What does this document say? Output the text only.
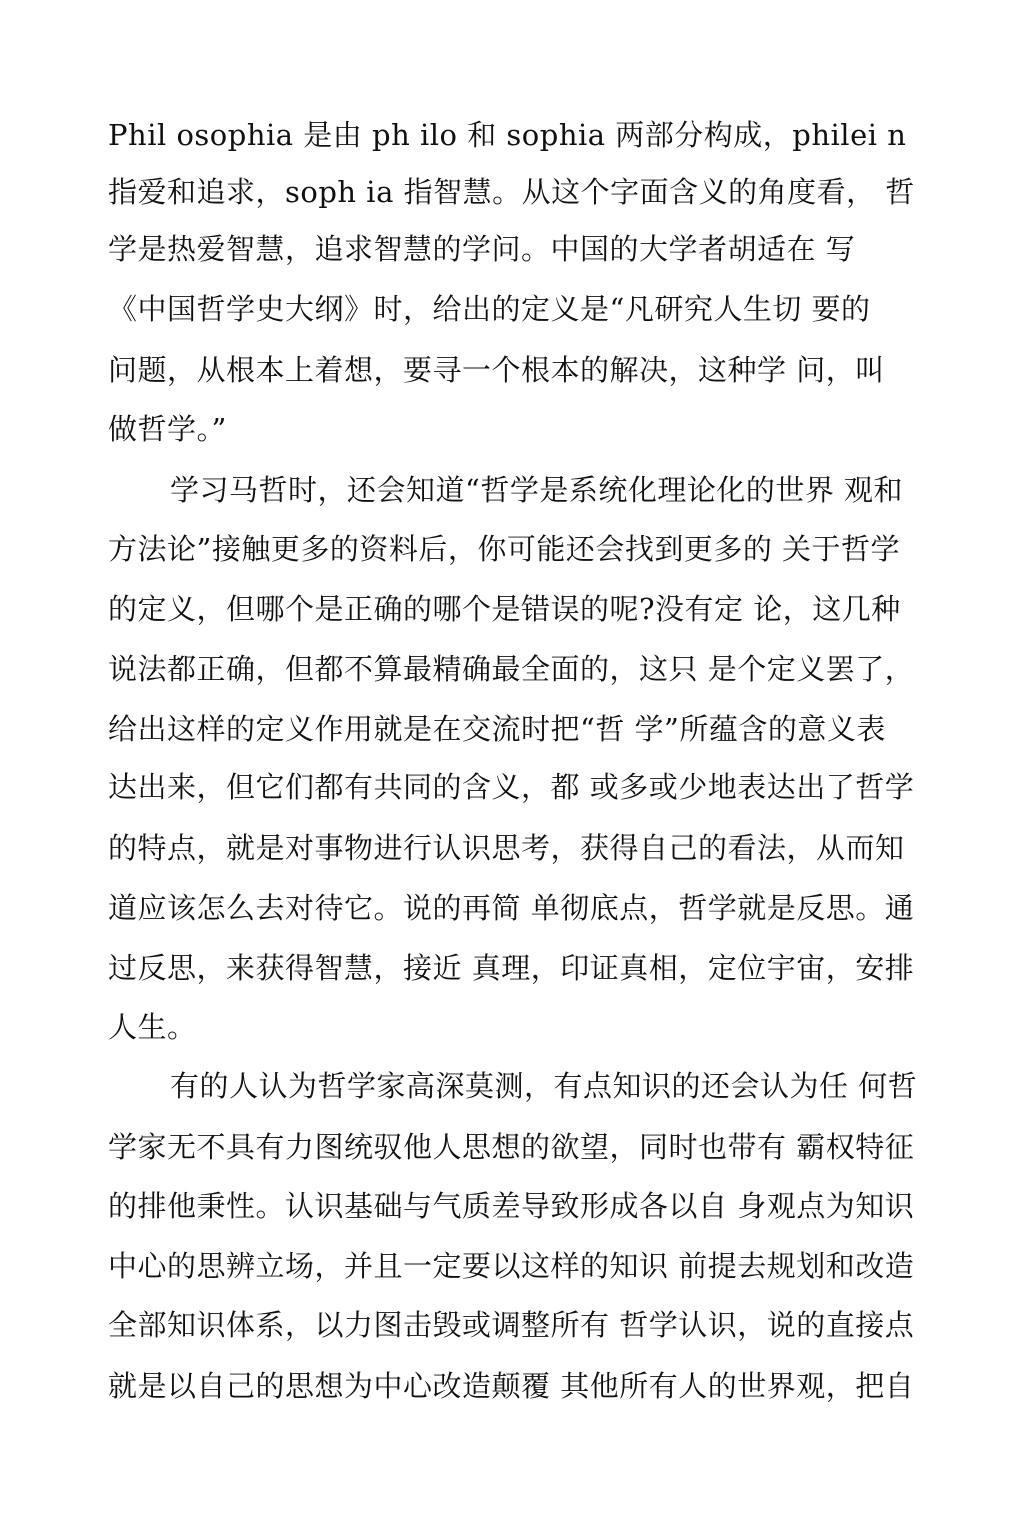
Phil osophia 是由 ph ilo 和 sophia 两部分构成，philei n
指爱和追求，soph ia 指智慧。从这个字面含义的角度看， 哲
学是热爱智慧，追求智慧的学问。中国的大学者胡适在 写
《中国哲学史大纲》时，给出的定义是“凡研究人生切 要的
问题，从根本上着想，要寻一个根本的解决，这种学 问，叫
做哲学。”
学习马哲时，还会知道“哲学是系统化理论化的世界 观和
方法论”接触更多的资料后，你可能还会找到更多的 关于哲学
的定义，但哪个是正确的哪个是错误的呢?没有定 论，这几种
说法都正确，但都不算最精确最全面的，这只 是个定义罢了，
给出这样的定义作用就是在交流时把“哲 学”所蕴含的意义表
达出来，但它们都有共同的含义，都 或多或少地表达出了哲学
的特点，就是对事物进行认识思考，获得自己的看法，从而知
道应该怎么去对待它。说的再简 单彻底点，哲学就是反思。通
过反思，来获得智慧，接近 真理，印证真相，定位宇宙，安排
人生。
有的人认为哲学家高深莫测，有点知识的还会认为任 何哲
学家无不具有力图统驭他人思想的欲望，同时也带有 霸权特征
的排他秉性。认识基础与气质差导致形成各以自 身观点为知识
中心的思辨立场，并且一定要以这样的知识 前提去规划和改造
全部知识体系，以力图击毁或调整所有 哲学认识，说的直接点
就是以自己的思想为中心改造颠覆 其他所有人的世界观，把自
